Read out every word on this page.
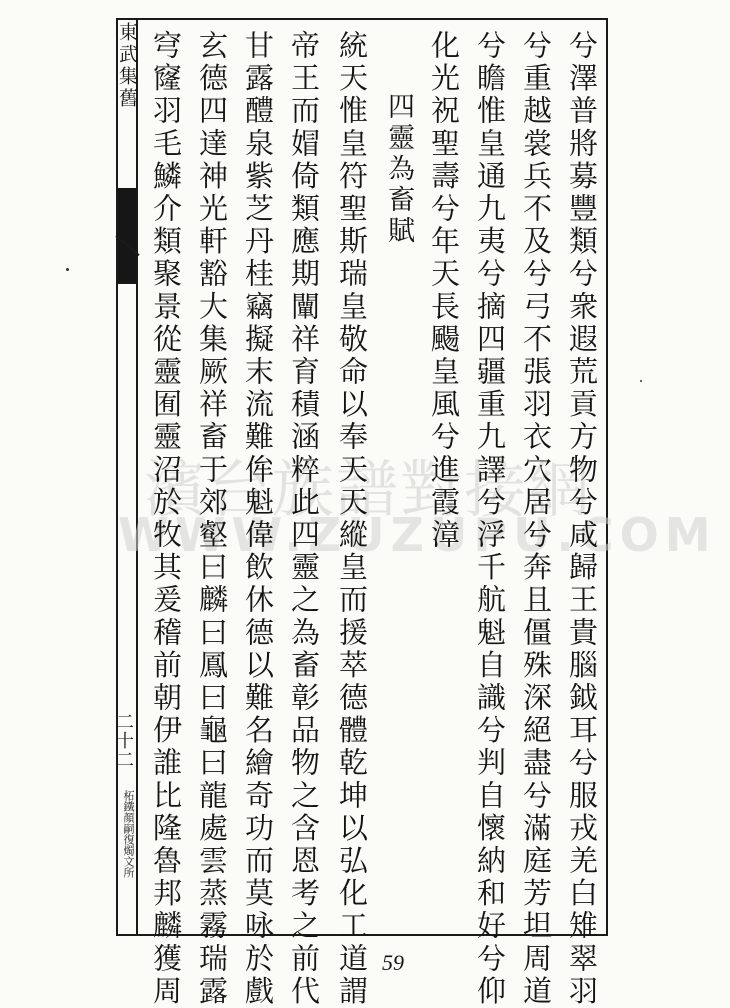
東武集舊
二十二
柘鐵顏嗣復燭文所
濱台族譜對接網
WWW.ZUZUPU.COM
兮澤普將募豐類兮衆遐荒貢方物兮咸歸王貴腦鉞耳兮服戎羌白雉翠羽
兮重越裳兵不及兮弓不張羽衣穴居兮奔且僵殊深絕盡兮滿庭芳坦周道
兮瞻惟皇通九夷兮摘四疆重九譯兮浮千航魁自識兮判自懷納和好兮仰
化光祝聖壽兮年天長颺皇風兮進霞漳
四靈為畜賦
統天惟皇符聖斯瑞皇敬命以奉天天縱皇而援萃德體乾坤以弘化工道謂
帝王而媢倚類應期闡祥育積涵粹此四靈之為畜彰品物之含恩考之前代
甘露醴泉紫芝丹桂竊擬末流難侔魁偉飲休德以難名繪奇功而莫咏於戲
玄德四達神光軒豁大集厥祥畜于郊壑曰麟曰鳳曰龜曰龍處雲蒸霧瑞露
穹窿羽毛鱗介類聚景從靈囿靈沼於牧其爰稽前朝伊誰比隆魯邦麟獲周	59
